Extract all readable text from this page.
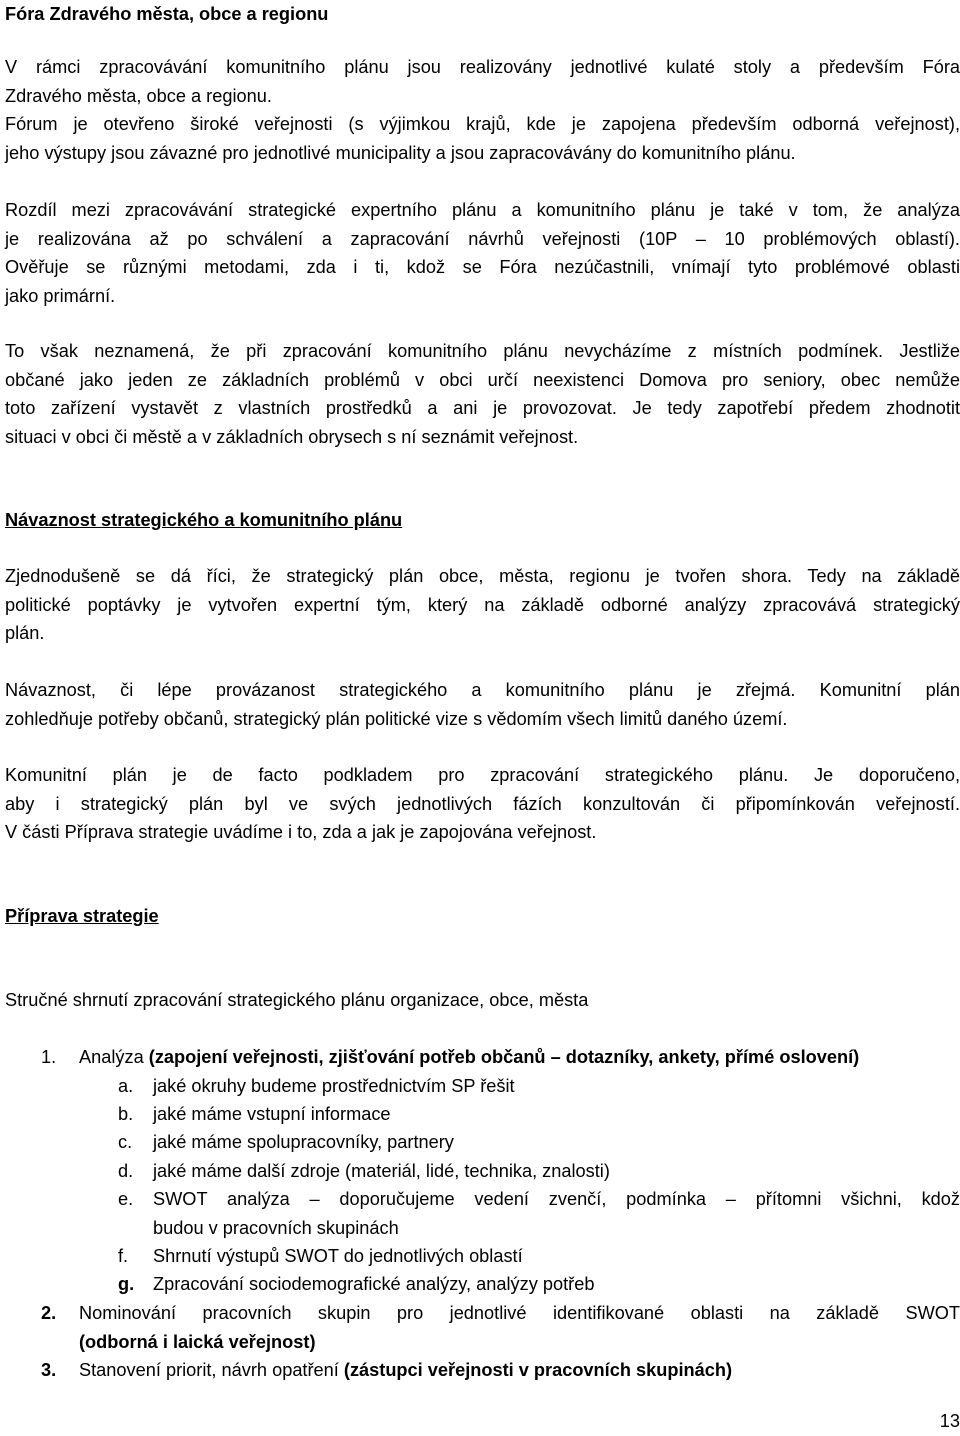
Fóra Zdravého města, obce a regionu
V rámci zpracovávání komunitního plánu jsou realizovány jednotlivé kulaté stoly a především Fóra
Zdravého města, obce a regionu.
Fórum je otevřeno široké veřejnosti (s výjimkou krajů, kde je zapojena především odborná veřejnost),
jeho výstupy jsou závazné pro jednotlivé municipality a jsou zapracovávány do komunitního plánu.
Rozdíl mezi zpracovávání strategické expertního plánu a komunitního plánu je také v tom, že analýza
je realizována až po schválení a zapracování návrhů veřejnosti (10P – 10 problémových oblastí).
Ověřuje se různými metodami, zda i ti, kdož se Fóra nezúčastnili, vnímají tyto problémové oblasti
jako primární.
To však neznamená, že při zpracování komunitního plánu nevycházíme z místních podmínek. Jestliže
občané jako jeden ze základních problémů v obci určí neexistenci Domova pro seniory, obec nemůže
toto zařízení vystavět z vlastních prostředků a ani je provozovat. Je tedy zapotřebí předem zhodnotit
situaci v obci či městě a v základních obrysech s ní seznámit veřejnost.
Návaznost strategického a komunitního plánu
Zjednodušeně se dá říci, že strategický plán obce, města, regionu je tvořen shora. Tedy na základě
politické poptávky je vytvořen expertní tým, který na základě odborné analýzy zpracovává strategický
plán.
Návaznost, či lépe provázanost strategického a komunitního plánu je zřejmá. Komunitní plán
zohledňuje potřeby občanů, strategický plán politické vize s vědomím všech limitů daného území.
Komunitní plán je de facto podkladem pro zpracování strategického plánu. Je doporučeno,
aby i strategický plán byl ve svých jednotlivých fázích konzultován či připomínkován veřejností.
V části Příprava strategie uvádíme i to, zda a jak je zapojována veřejnost.
Příprava strategie
Stručné shrnutí zpracování strategického plánu organizace, obce, města
1. Analýza (zapojení veřejnosti, zjišťování potřeb občanů – dotazníky, ankety, přímé oslovení)
a. jaké okruhy budeme prostřednictvím SP řešit
b. jaké máme vstupní informace
c. jaké máme spolupracovníky, partnery
d. jaké máme další zdroje (materiál, lidé, technika, znalosti)
e. SWOT analýza – doporučujeme vedení zvenčí, podmínka – přítomni všichni, kdož
budou v pracovních skupinách
f. Shrnutí výstupů SWOT do jednotlivých oblastí
g. Zpracování sociodemografické analýzy, analýzy potřeb
2. Nominování pracovních skupin pro jednotlivé identifikované oblasti na základě SWOT
(odborná i laická veřejnost)
3. Stanovení priorit, návrh opatření (zástupci veřejnosti v pracovních skupinách)
13
